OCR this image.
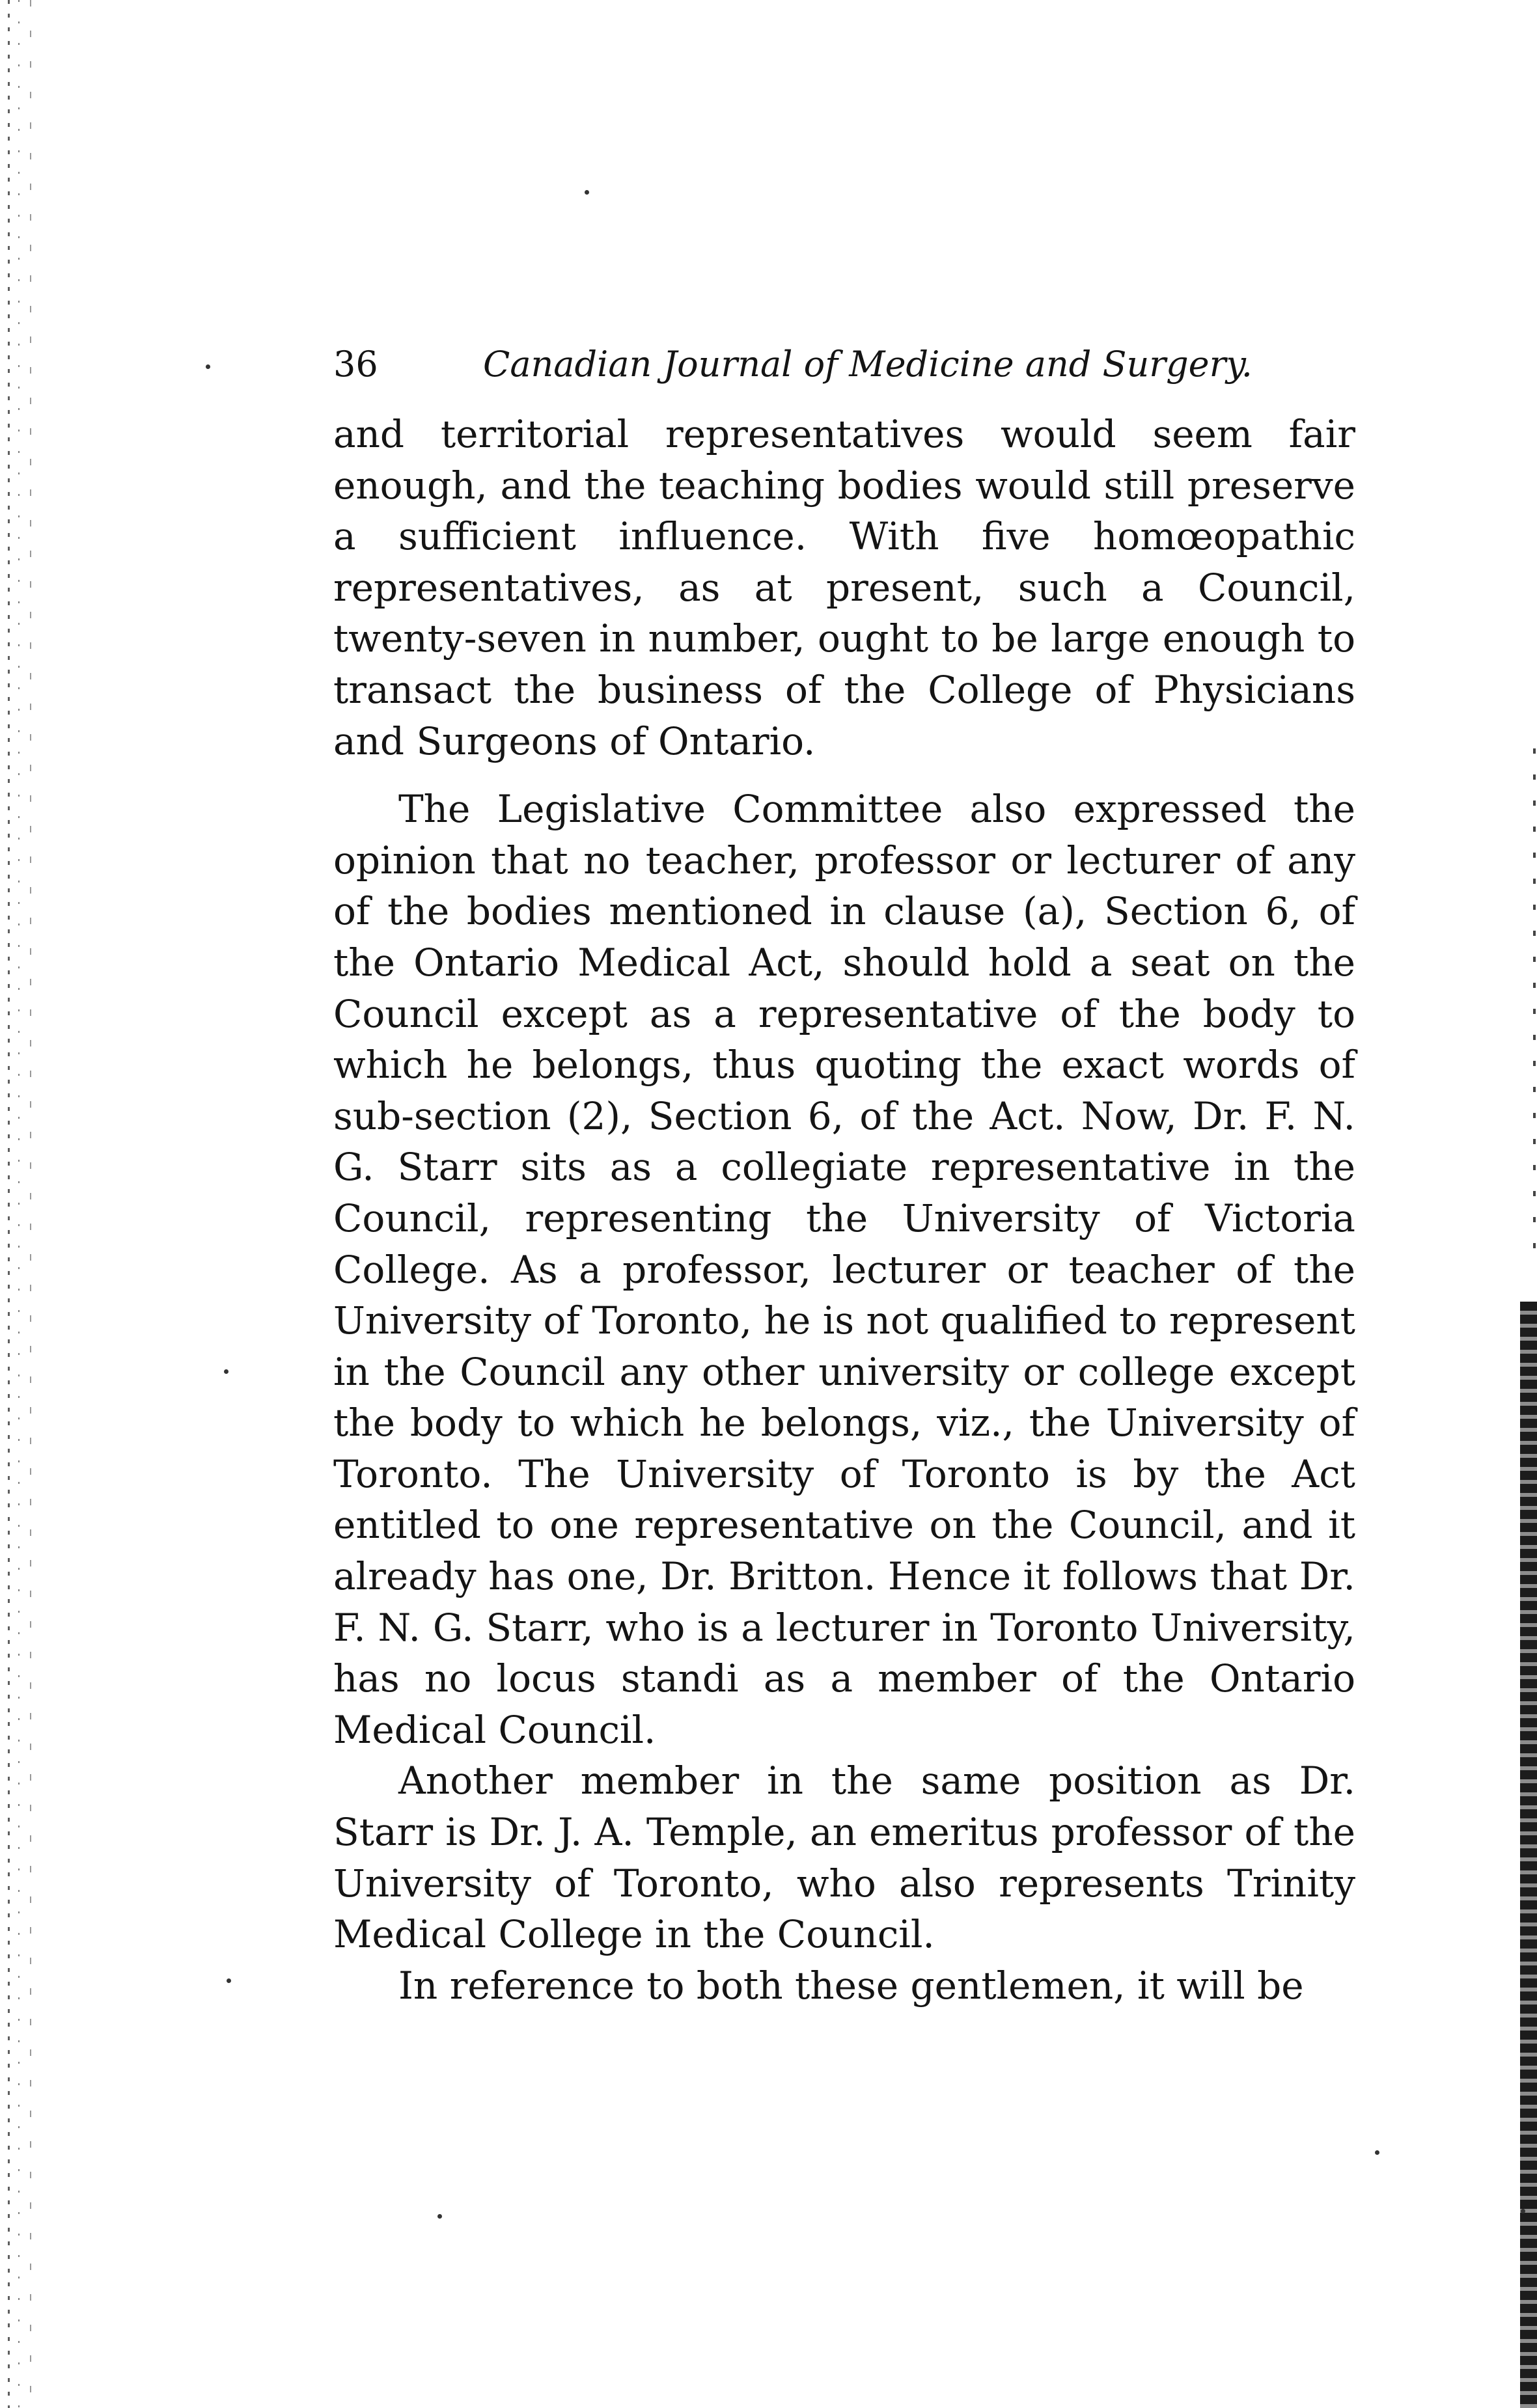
36	Canadian Journal of Medicine and Surgery.

and territorial representatives would seem fair enough, and the teaching bodies would still preserve a sufficient influence. With five homœopathic representatives, as at present, such a Council, twenty-seven in number, ought to be large enough to transact the business of the College of Physicians and Surgeons of Ontario.

The Legislative Committee also expressed the opinion that no teacher, professor or lecturer of any of the bodies mentioned in clause (a), Section 6, of the Ontario Medical Act, should hold a seat on the Council except as a representative of the body to which he belongs, thus quoting the exact words of sub-section (2), Section 6, of the Act. Now, Dr. F. N. G. Starr sits as a collegiate representative in the Council, representing the University of Victoria College. As a professor, lecturer or teacher of the University of Toronto, he is not qualified to represent in the Council any other university or college except the body to which he belongs, viz., the University of Toronto. The University of Toronto is by the Act entitled to one representative on the Council, and it already has one, Dr. Britton. Hence it follows that Dr. F. N. G. Starr, who is a lecturer in Toronto University, has no locus standi as a member of the Ontario Medical Council.

Another member in the same position as Dr. Starr is Dr. J. A. Temple, an emeritus professor of the University of Toronto, who also represents Trinity Medical College in the Council.

In reference to both these gentlemen, it will be
